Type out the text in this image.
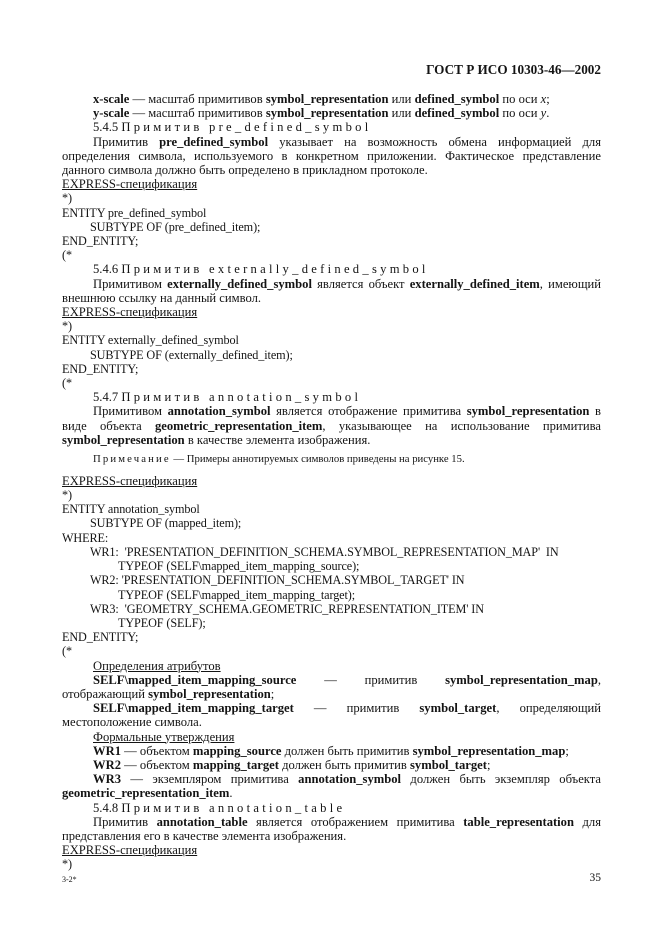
ГОСТ Р ИСО 10303-46—2002
x-scale — масштаб примитивов symbol_representation или defined_symbol по оси x;
y-scale — масштаб примитивов symbol_representation или defined_symbol по оси y.
5.4.5 Примитив pre_defined_symbol
Примитив pre_defined_symbol указывает на возможность обмена информацией для определения символа, используемого в конкретном приложении. Фактическое представление данного символа должно быть определено в прикладном протоколе.
EXPRESS-спецификация
*)
ENTITY pre_defined_symbol
SUBTYPE OF (pre_defined_item);
END_ENTITY;
(*
5.4.6 Примитив externally_defined_symbol
Примитивом externally_defined_symbol является объект externally_defined_item, имеющий внешнюю ссылку на данный символ.
EXPRESS-спецификация
*)
ENTITY externally_defined_symbol
SUBTYPE OF (externally_defined_item);
END_ENTITY;
(*
5.4.7 Примитив annotation_symbol
Примитивом annotation_symbol является отображение примитива symbol_representation в виде объекта geometric_representation_item, указывающее на использование примитива symbol_representation в качестве элемента изображения.
Примечание — Примеры аннотируемых символов приведены на рисунке 15.
EXPRESS-спецификация
*)
ENTITY annotation_symbol
SUBTYPE OF (mapped_item);
WHERE:
WR1:  'PRESENTATION_DEFINITION_SCHEMA.SYMBOL_REPRESENTATION_MAP'  IN
TYPEOF (SELF\mapped_item_mapping_source);
WR2: 'PRESENTATION_DEFINITION_SCHEMA.SYMBOL_TARGET' IN
TYPEOF (SELF\mapped_item_mapping_target);
WR3:  'GEOMETRY_SCHEMA.GEOMETRIC_REPRESENTATION_ITEM' IN
TYPEOF (SELF);
END_ENTITY;
(*
Определения атрибутов
SELF\mapped_item_mapping_source — примитив symbol_representation_map, отображающий symbol_representation;
SELF\mapped_item_mapping_target — примитив symbol_target, определяющий местоположение символа.
Формальные утверждения
WR1 — объектом mapping_source должен быть примитив symbol_representation_map;
WR2 — объектом mapping_target должен быть примитив symbol_target;
WR3 — экземпляром примитива annotation_symbol должен быть экземпляр объекта geometric_representation_item.
5.4.8 Примитив annotation_table
Примитив annotation_table является отображением примитива table_representation для представления его в качестве элемента изображения.
EXPRESS-спецификация
*)
3-2*	35
